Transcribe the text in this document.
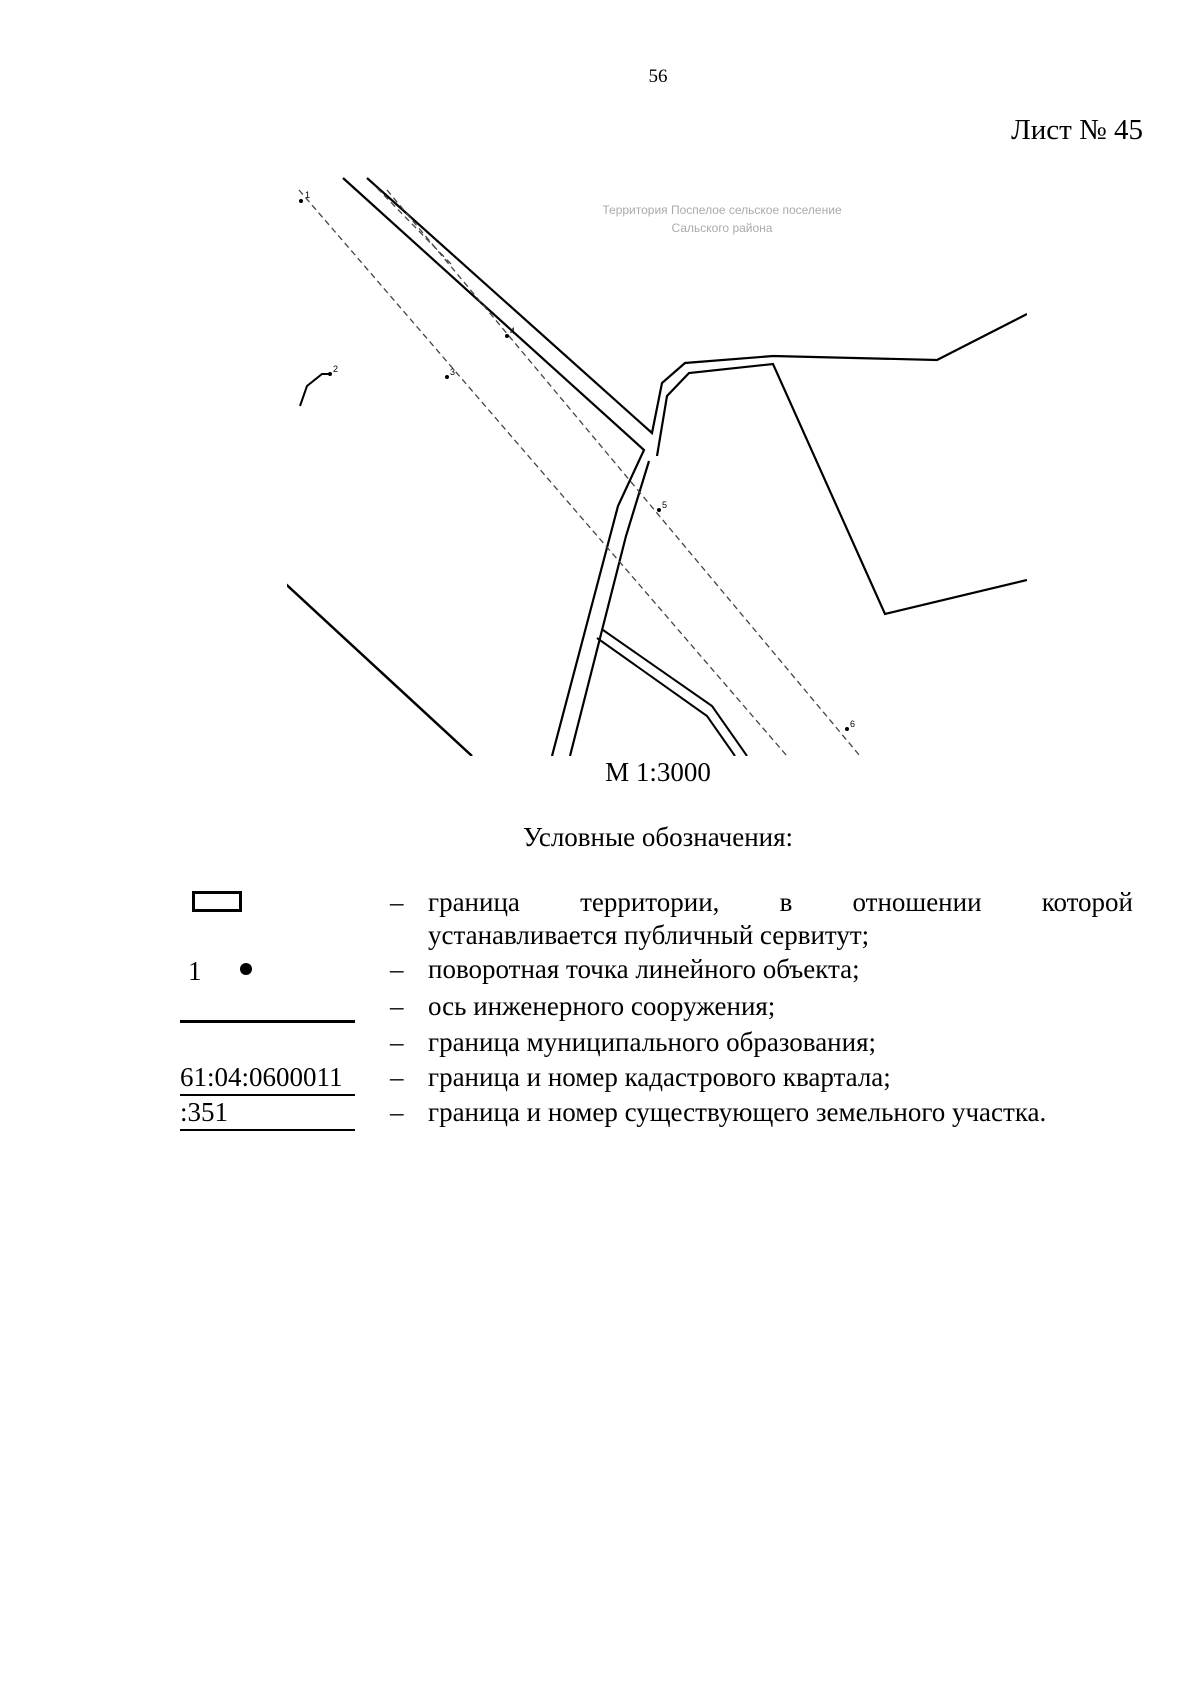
56
Лист № 45
Территория Поспелое сельское поселение
Сальского района
1
2	3
4
5
6
М 1:3000
Условные обозначения:
– граница территории, в отношении которой
устанавливается публичный сервитут;
1	– поворотная точка линейного объекта;
– ось инженерного сооружения;
– граница муниципального образования;
61:04:0600011	– граница и номер кадастрового квартала;
:351	– граница и номер существующего земельного участка.
